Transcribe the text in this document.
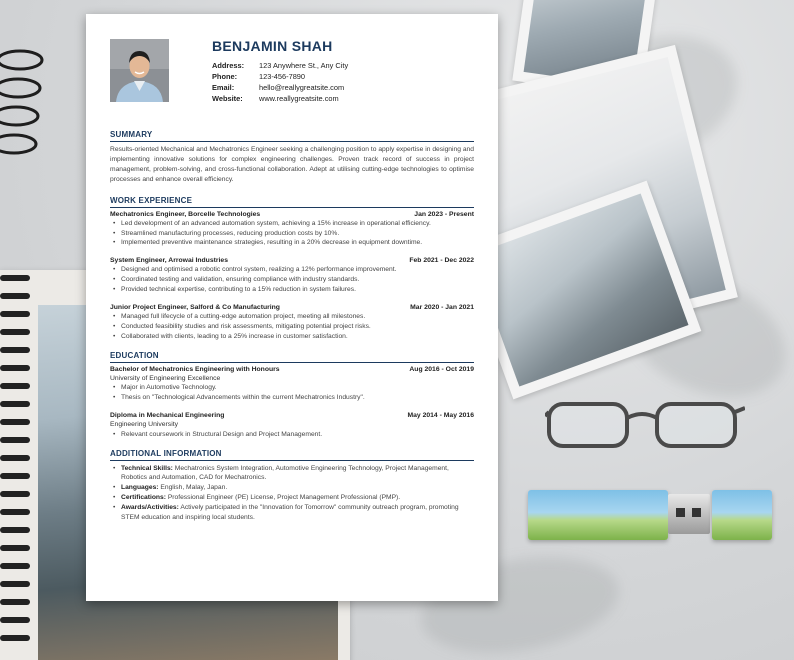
BENJAMIN SHAH
Address:	123 Anywhere St., Any City
Phone:	123-456-7890
Email:	hello@reallygreatsite.com
Website:	www.reallygreatsite.com
SUMMARY

Results-oriented Mechanical and Mechatronics Engineer seeking a challenging position to apply expertise in designing and implementing innovative solutions for complex engineering challenges. Proven track record of success in project management, problem-solving, and cross-functional collaboration. Adept at utilising cutting-edge technologies to optimise processes and enhance overall efficiency.

WORK EXPERIENCE
Mechatronics Engineer, Borcelle Technologies	Jan 2023 - Present
• Led development of an advanced automation system, achieving a 15% increase in operational efficiency.
• Streamlined manufacturing processes, reducing production costs by 10%.
• Implemented preventive maintenance strategies, resulting in a 20% decrease in equipment downtime.
System Engineer, Arrowai Industries	Feb 2021 - Dec 2022
• Designed and optimised a robotic control system, realizing a 12% performance improvement.
• Coordinated testing and validation, ensuring compliance with industry standards.
• Provided technical expertise, contributing to a 15% reduction in system failures.
Junior Project Engineer, Salford & Co Manufacturing	Mar 2020 - Jan 2021
• Managed full lifecycle of a cutting-edge automation project, meeting all milestones.
• Conducted feasibility studies and risk assessments, mitigating potential project risks.
• Collaborated with clients, leading to a 25% increase in customer satisfaction.
EDUCATION
Bachelor of Mechatronics Engineering with Honours	Aug 2016 - Oct 2019
University of Engineering Excellence
• Major in Automotive Technology.
• Thesis on "Technological Advancements within the current Mechatronics Industry".
Diploma in Mechanical Engineering	May 2014 - May 2016
Engineering University
• Relevant coursework in Structural Design and Project Management.
ADDITIONAL INFORMATION
• Technical Skills: Mechatronics System Integration, Automotive Engineering Technology, Project Management, Robotics and Automation, CAD for Mechatronics.
• Languages: English, Malay, Japan.
• Certifications: Professional Engineer (PE) License, Project Management Professional (PMP).
• Awards/Activities: Actively participated in the "Innovation for Tomorrow" community outreach program, promoting STEM education and inspiring local students.
